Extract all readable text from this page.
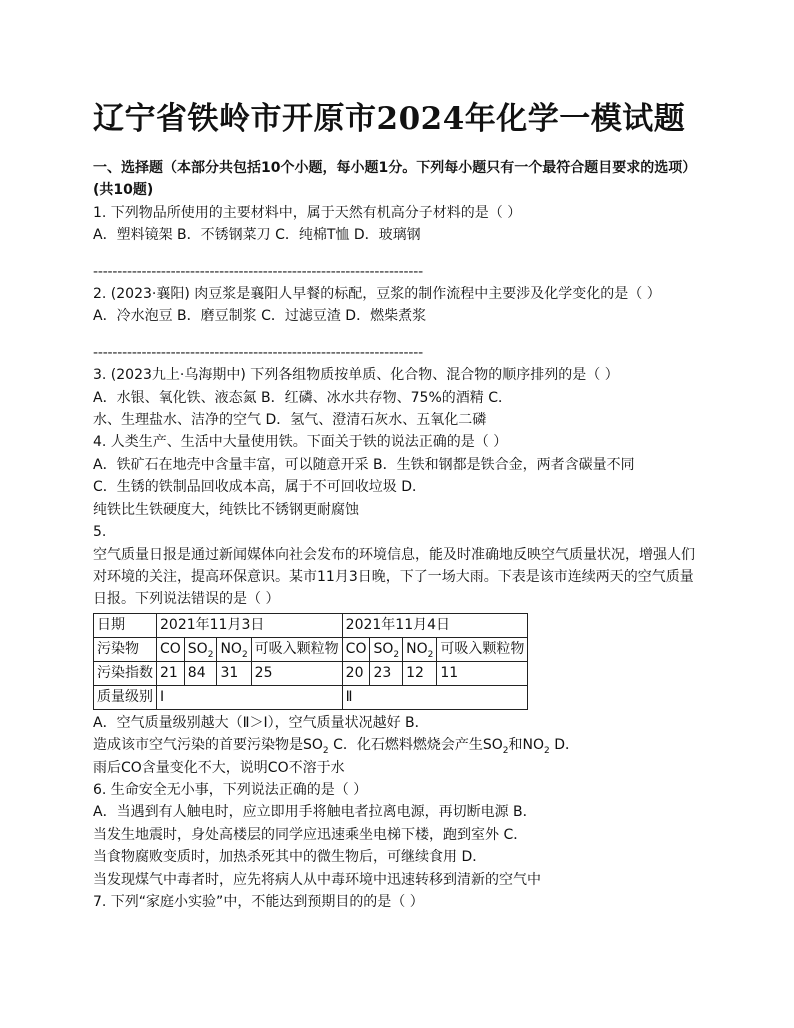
辽宁省铁岭市开原市2024年化学一模试题
一、选择题（本部分共包括10个小题，每小题1分。下列每小题只有一个最符合题目要求的选项）(共10题)
1. 下列物品所使用的主要材料中，属于天然有机高分子材料的是（ ）
A．塑料镜架 B．不锈钢菜刀 C．纯棉T恤 D．玻璃钢
--------------------------------------------------------------------
2. (2023·襄阳) 肉豆浆是襄阳人早餐的标配，豆浆的制作流程中主要涉及化学变化的是（ ）
A．冷水泡豆 B．磨豆制浆 C．过滤豆渣 D．燃柴煮浆
--------------------------------------------------------------------
3. (2023九上·乌海期中) 下列各组物质按单质、化合物、混合物的顺序排列的是（ ）
A．水银、氧化铁、液态氮 B．红磷、冰水共存物、75%的酒精 C．
水、生理盐水、洁净的空气 D．氢气、澄清石灰水、五氧化二磷
4. 人类生产、生活中大量使用铁。下面关于铁的说法正确的是（ ）
A．铁矿石在地壳中含量丰富，可以随意开采 B．生铁和钢都是铁合金，两者含碳量不同
C．生锈的铁制品回收成本高，属于不可回收垃圾 D．
纯铁比生铁硬度大，纯铁比不锈钢更耐腐蚀
5.
空气质量日报是通过新闻媒体向社会发布的环境信息，能及时准确地反映空气质量状况，增强人们对环境的关注，提高环保意识。某市11月3日晚，下了一场大雨。下表是该市连续两天的空气质量日报。下列说法错误的是（ ）
日期	2021年11月3日				2021年11月4日			
污染物	CO	$SO_2$	$NO_2$	可吸入颗粒物	CO	$SO_2$	$NO_2$	可吸入颗粒物
污染指数	21	84	31	25	20	23	12	11
质量级别	Ⅰ				Ⅱ			
A．空气质量级别越大（Ⅱ＞Ⅰ），空气质量状况越好 B．
造成该市空气污染的首要污染物是$SO_2$ C．化石燃料燃烧会产生$SO_2$和$NO_2$ D．
雨后CO含量变化不大，说明CO不溶于水
6. 生命安全无小事，下列说法正确的是（ ）
A．当遇到有人触电时，应立即用手将触电者拉离电源，再切断电源 B．
当发生地震时，身处高楼层的同学应迅速乘坐电梯下楼，跑到室外 C．
当食物腐败变质时，加热杀死其中的微生物后，可继续食用 D．
当发现煤气中毒者时，应先将病人从中毒环境中迅速转移到清新的空气中
7. 下列“家庭小实验”中，不能达到预期目的的是（ ）
